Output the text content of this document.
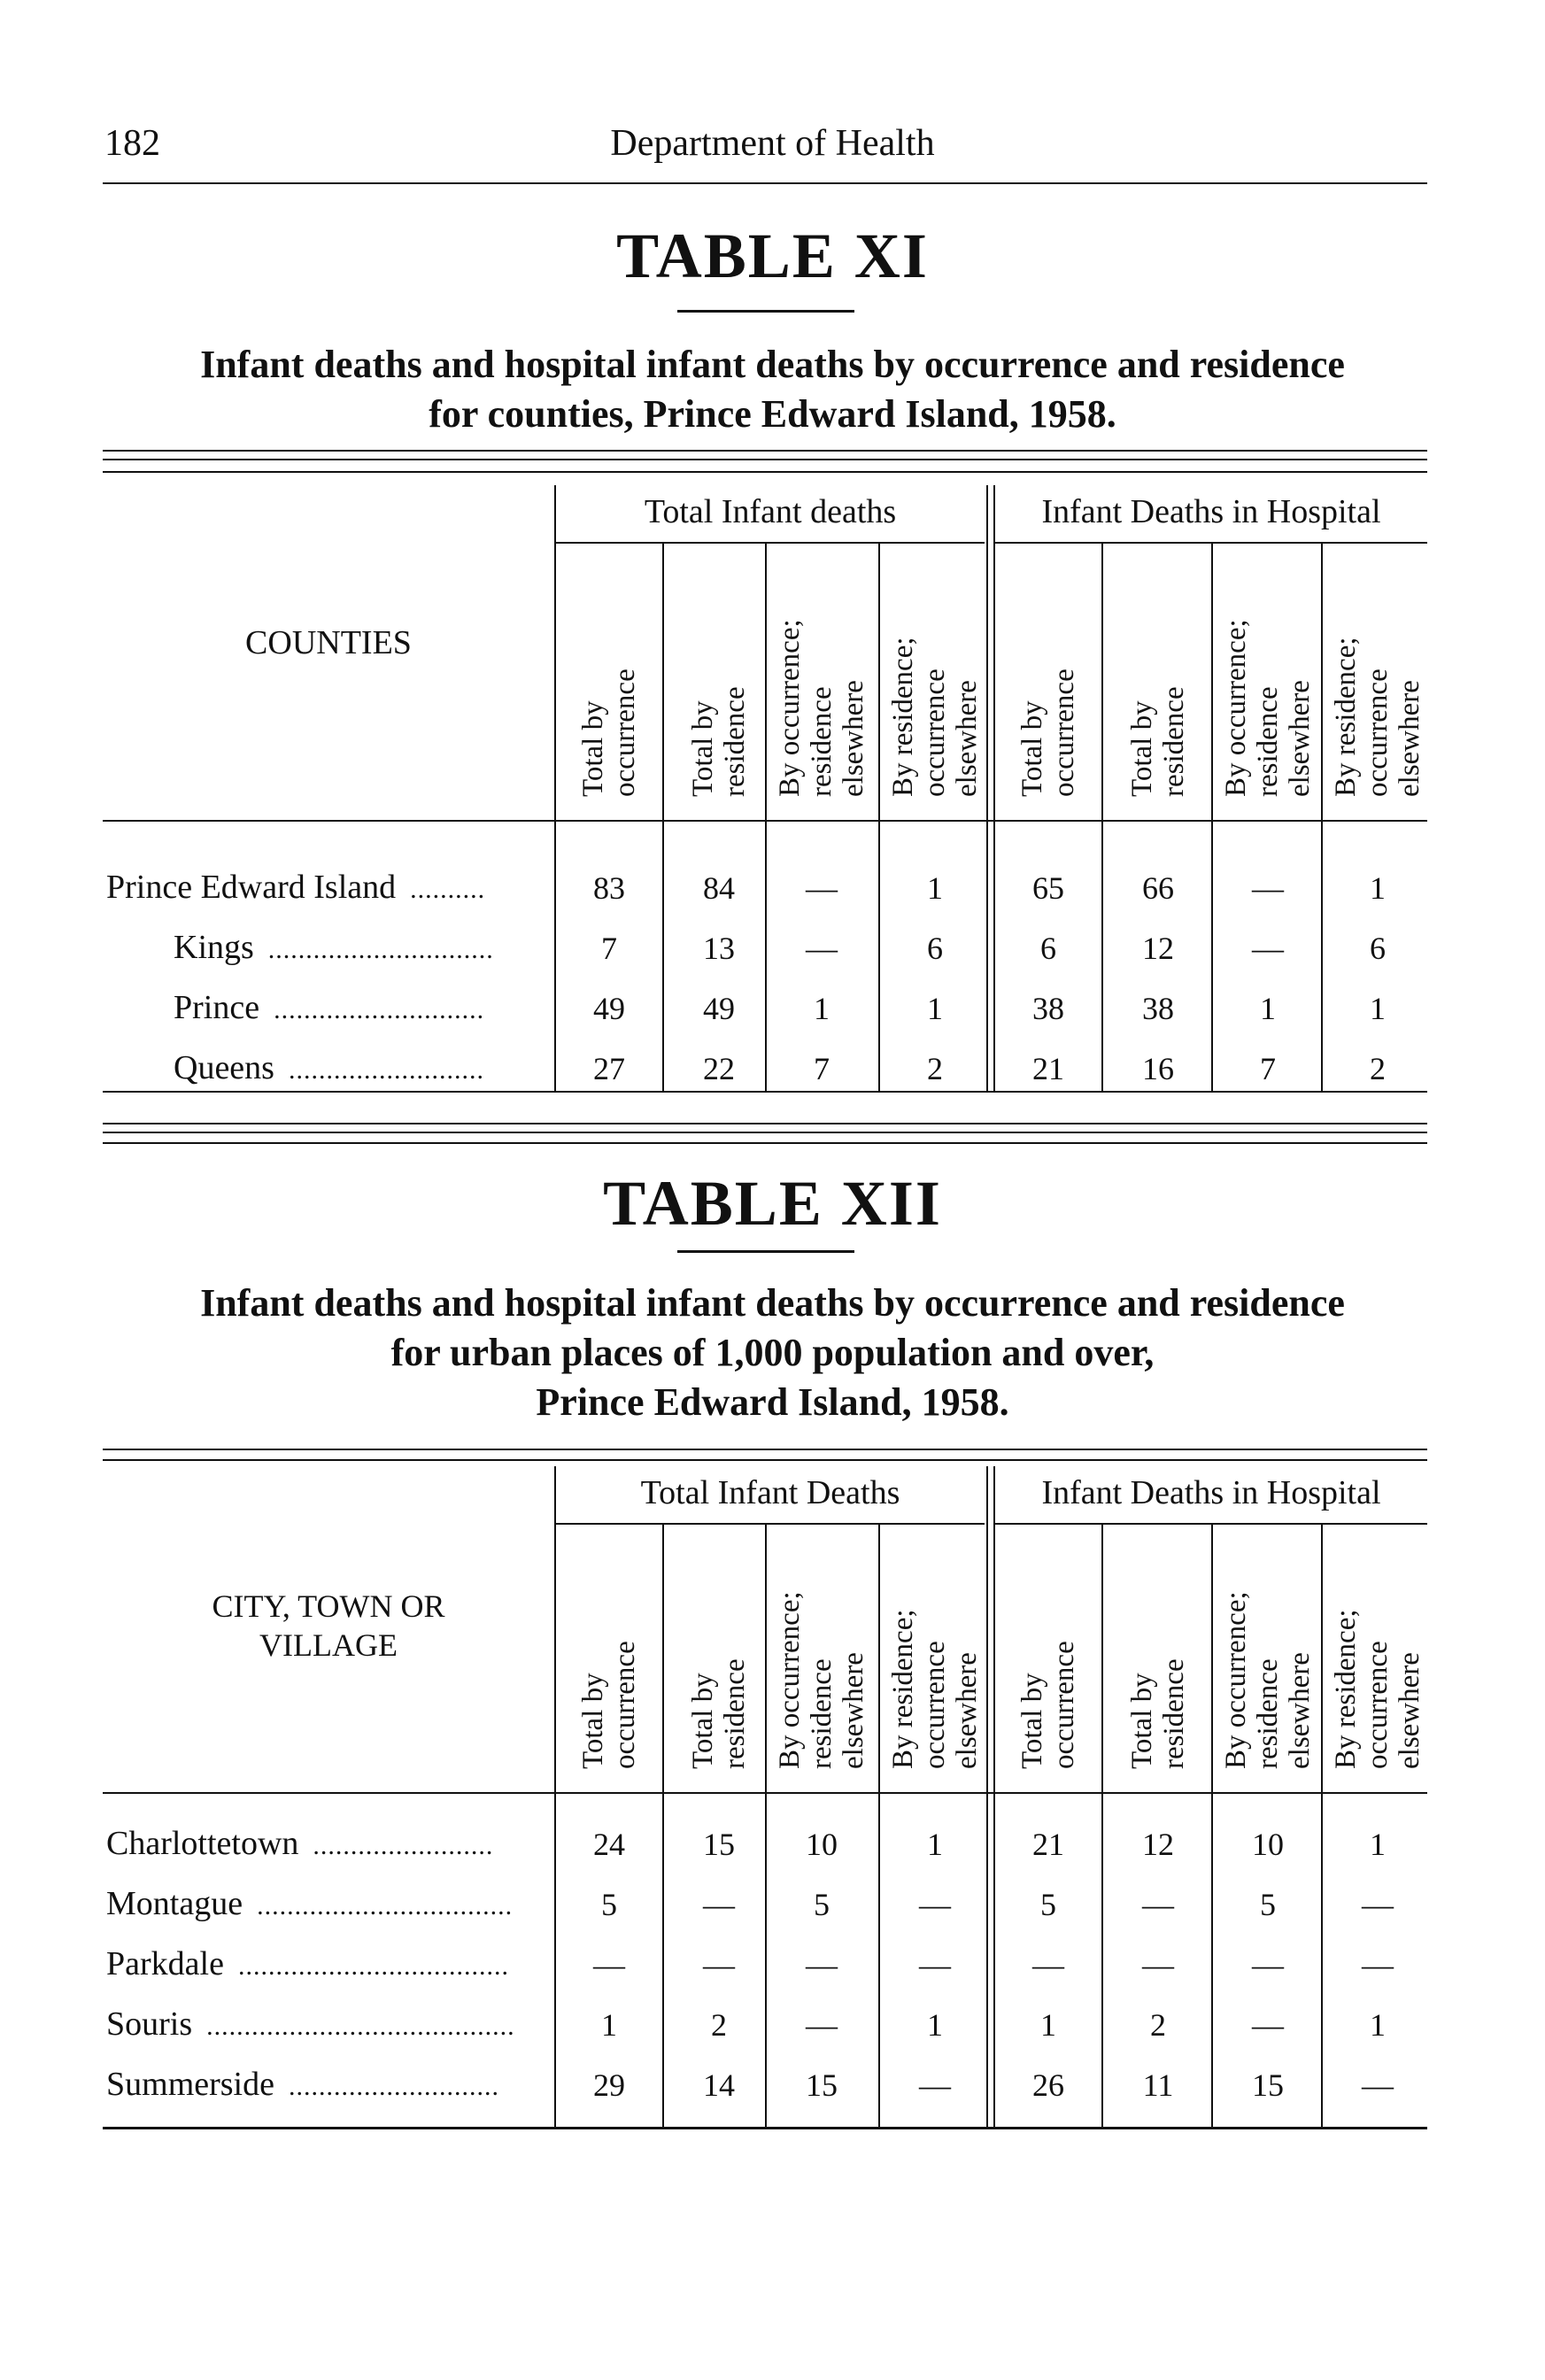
182	Department of Health
TABLE XI
Infant deaths and hospital infant deaths by occurrence and residence
for counties, Prince Edward Island, 1958.
COUNTIES
Total Infant deaths	Infant Deaths in Hospital
Total by occurrence Total by residence By occurrence; residence elsewhere By residence; occurrence elsewhere Total by occurrence Total by residence By occurrence; residence elsewhere By residence; occurrence elsewhere
Prince Edward Island ..........	83	84	—	1	65	66	—	1
Kings ..............................	7	13	—	6	6	12	—	6
Prince ............................	49	49	1	1	38	38	1	1
Queens ..........................	27	22	7	2	21	16	7	2
TABLE XII
Infant deaths and hospital infant deaths by occurrence and residence
for urban places of 1,000 population and over,
Prince Edward Island, 1958.
CITY, TOWN OR
VILLAGE
Total Infant Deaths	Infant Deaths in Hospital
Total by occurrence Total by residence By occurrence; residence elsewhere By residence; occurrence elsewhere Total by occurrence Total by residence By occurrence; residence elsewhere By residence; occurrence elsewhere
Charlottetown ........................	24	15	10	1	21	12	10	1
Montague ..................................	5	—	5	—	5	—	5	—
Parkdale ....................................	—	—	—	—	—	—	—	—
Souris .........................................	1	2	—	1	1	2	—	1
Summerside ............................	29	14	15	—	26	11	15	—
